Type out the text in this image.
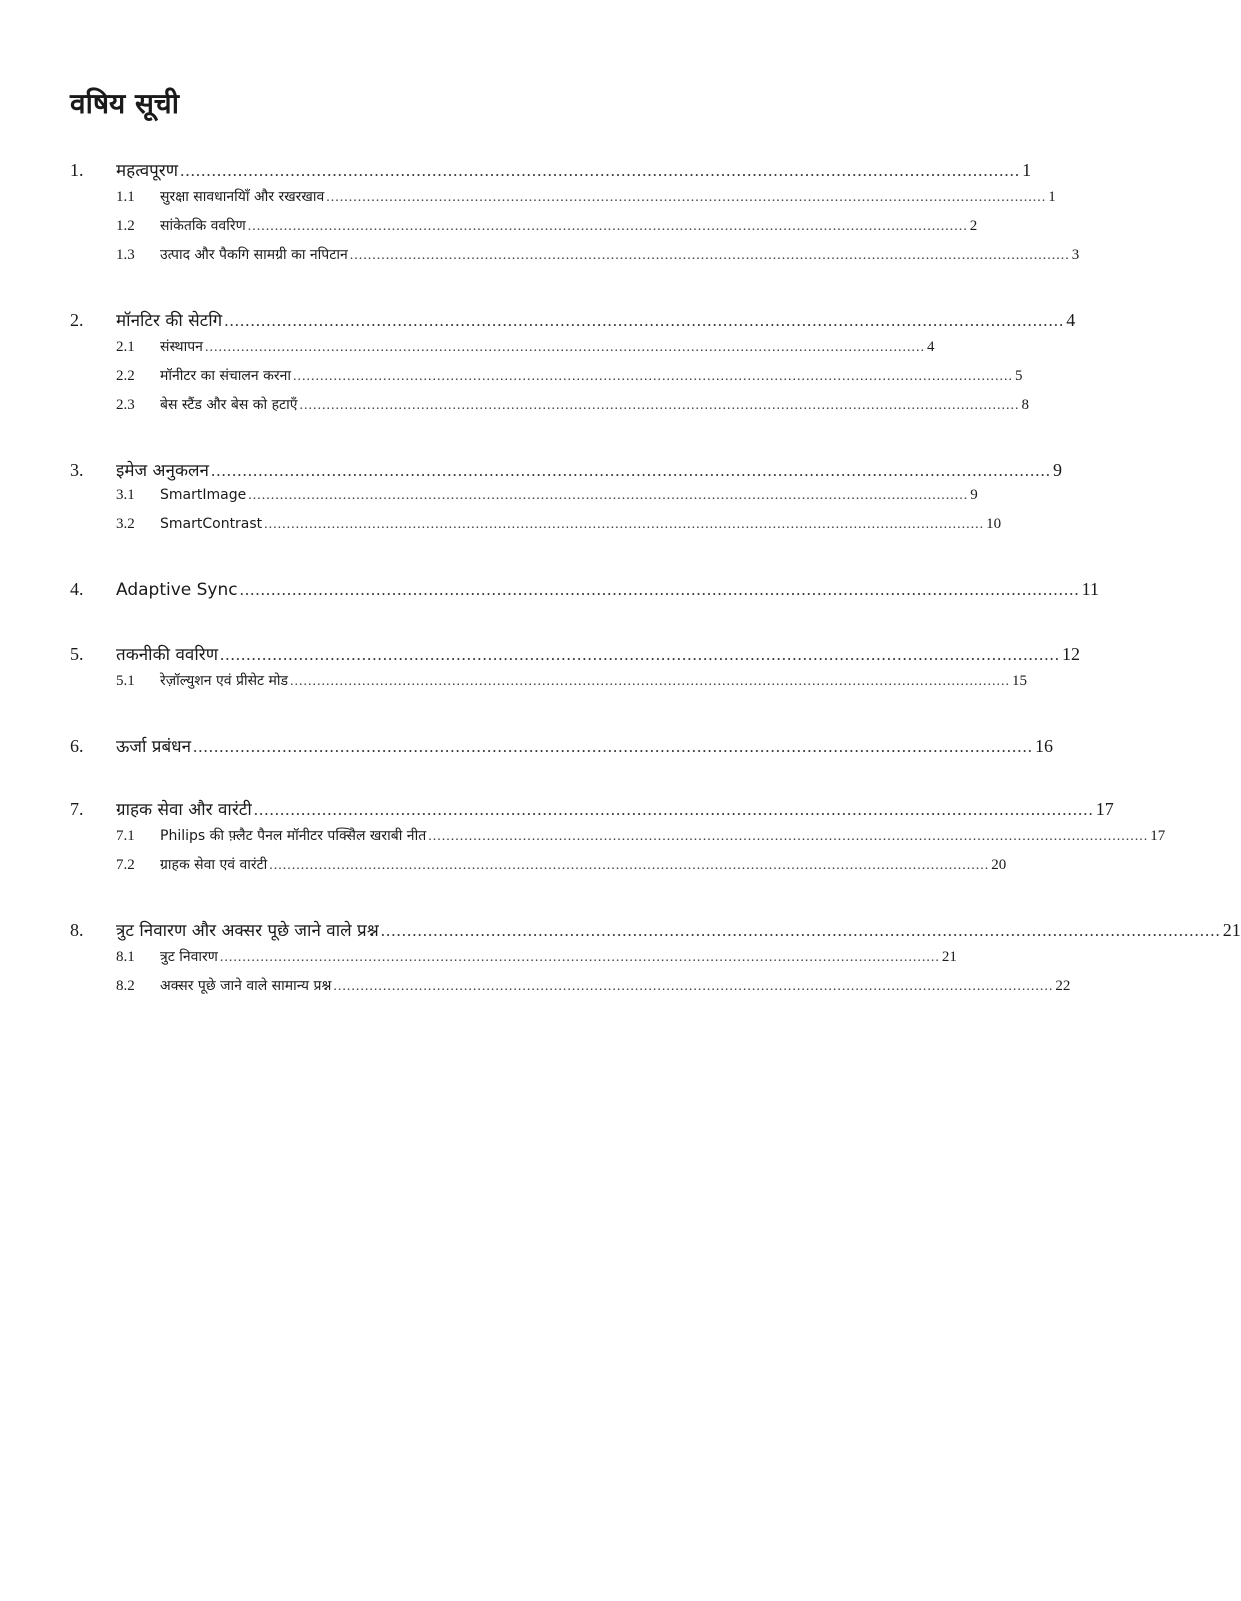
वषिय सूची
1.	महत्वपूरण .....	1
1.1	सुरक्षा सावधानयिाँ और रखरखाव .....	1
1.2	सांकेतकि ववरिण .....	2
1.3	उत्पाद और पैकगि सामग्री का नपिटान .....	3
2.	मॉनटिर की सेटगि .....	4
2.1	संस्थापन .....	4
2.2	मॉनीटर का संचालन करना .....	5
2.3	बेस स्टैंड और बेस को हटाएँ .....	8
3.	इमेज अनुकलन .....	9
3.1	SmartImage .....	9
3.2	SmartContrast .....	10
4.	Adaptive Sync .....	11
5.	तकनीकी ववरिण .....	12
5.1	रेज़ॉल्युशन एवं प्रीसेट मोड .....	15
6.	ऊर्जा प्रबंधन .....	16
7.	ग्राहक सेवा और वारंटी .....	17
7.1	Philips की फ़्लैट पैनल मॉनीटर पक्सिेल खराबी नीत .....	17
7.2	ग्राहक सेवा एवं वारंटी .....	20
8.	त्रुट निवारण और अक्सर पूछे जाने वाले प्रश्न .....	21
8.1	त्रुट निवारण .....	21
8.2	अक्सर पूछे जाने वाले सामान्य प्रश्न .....	22
